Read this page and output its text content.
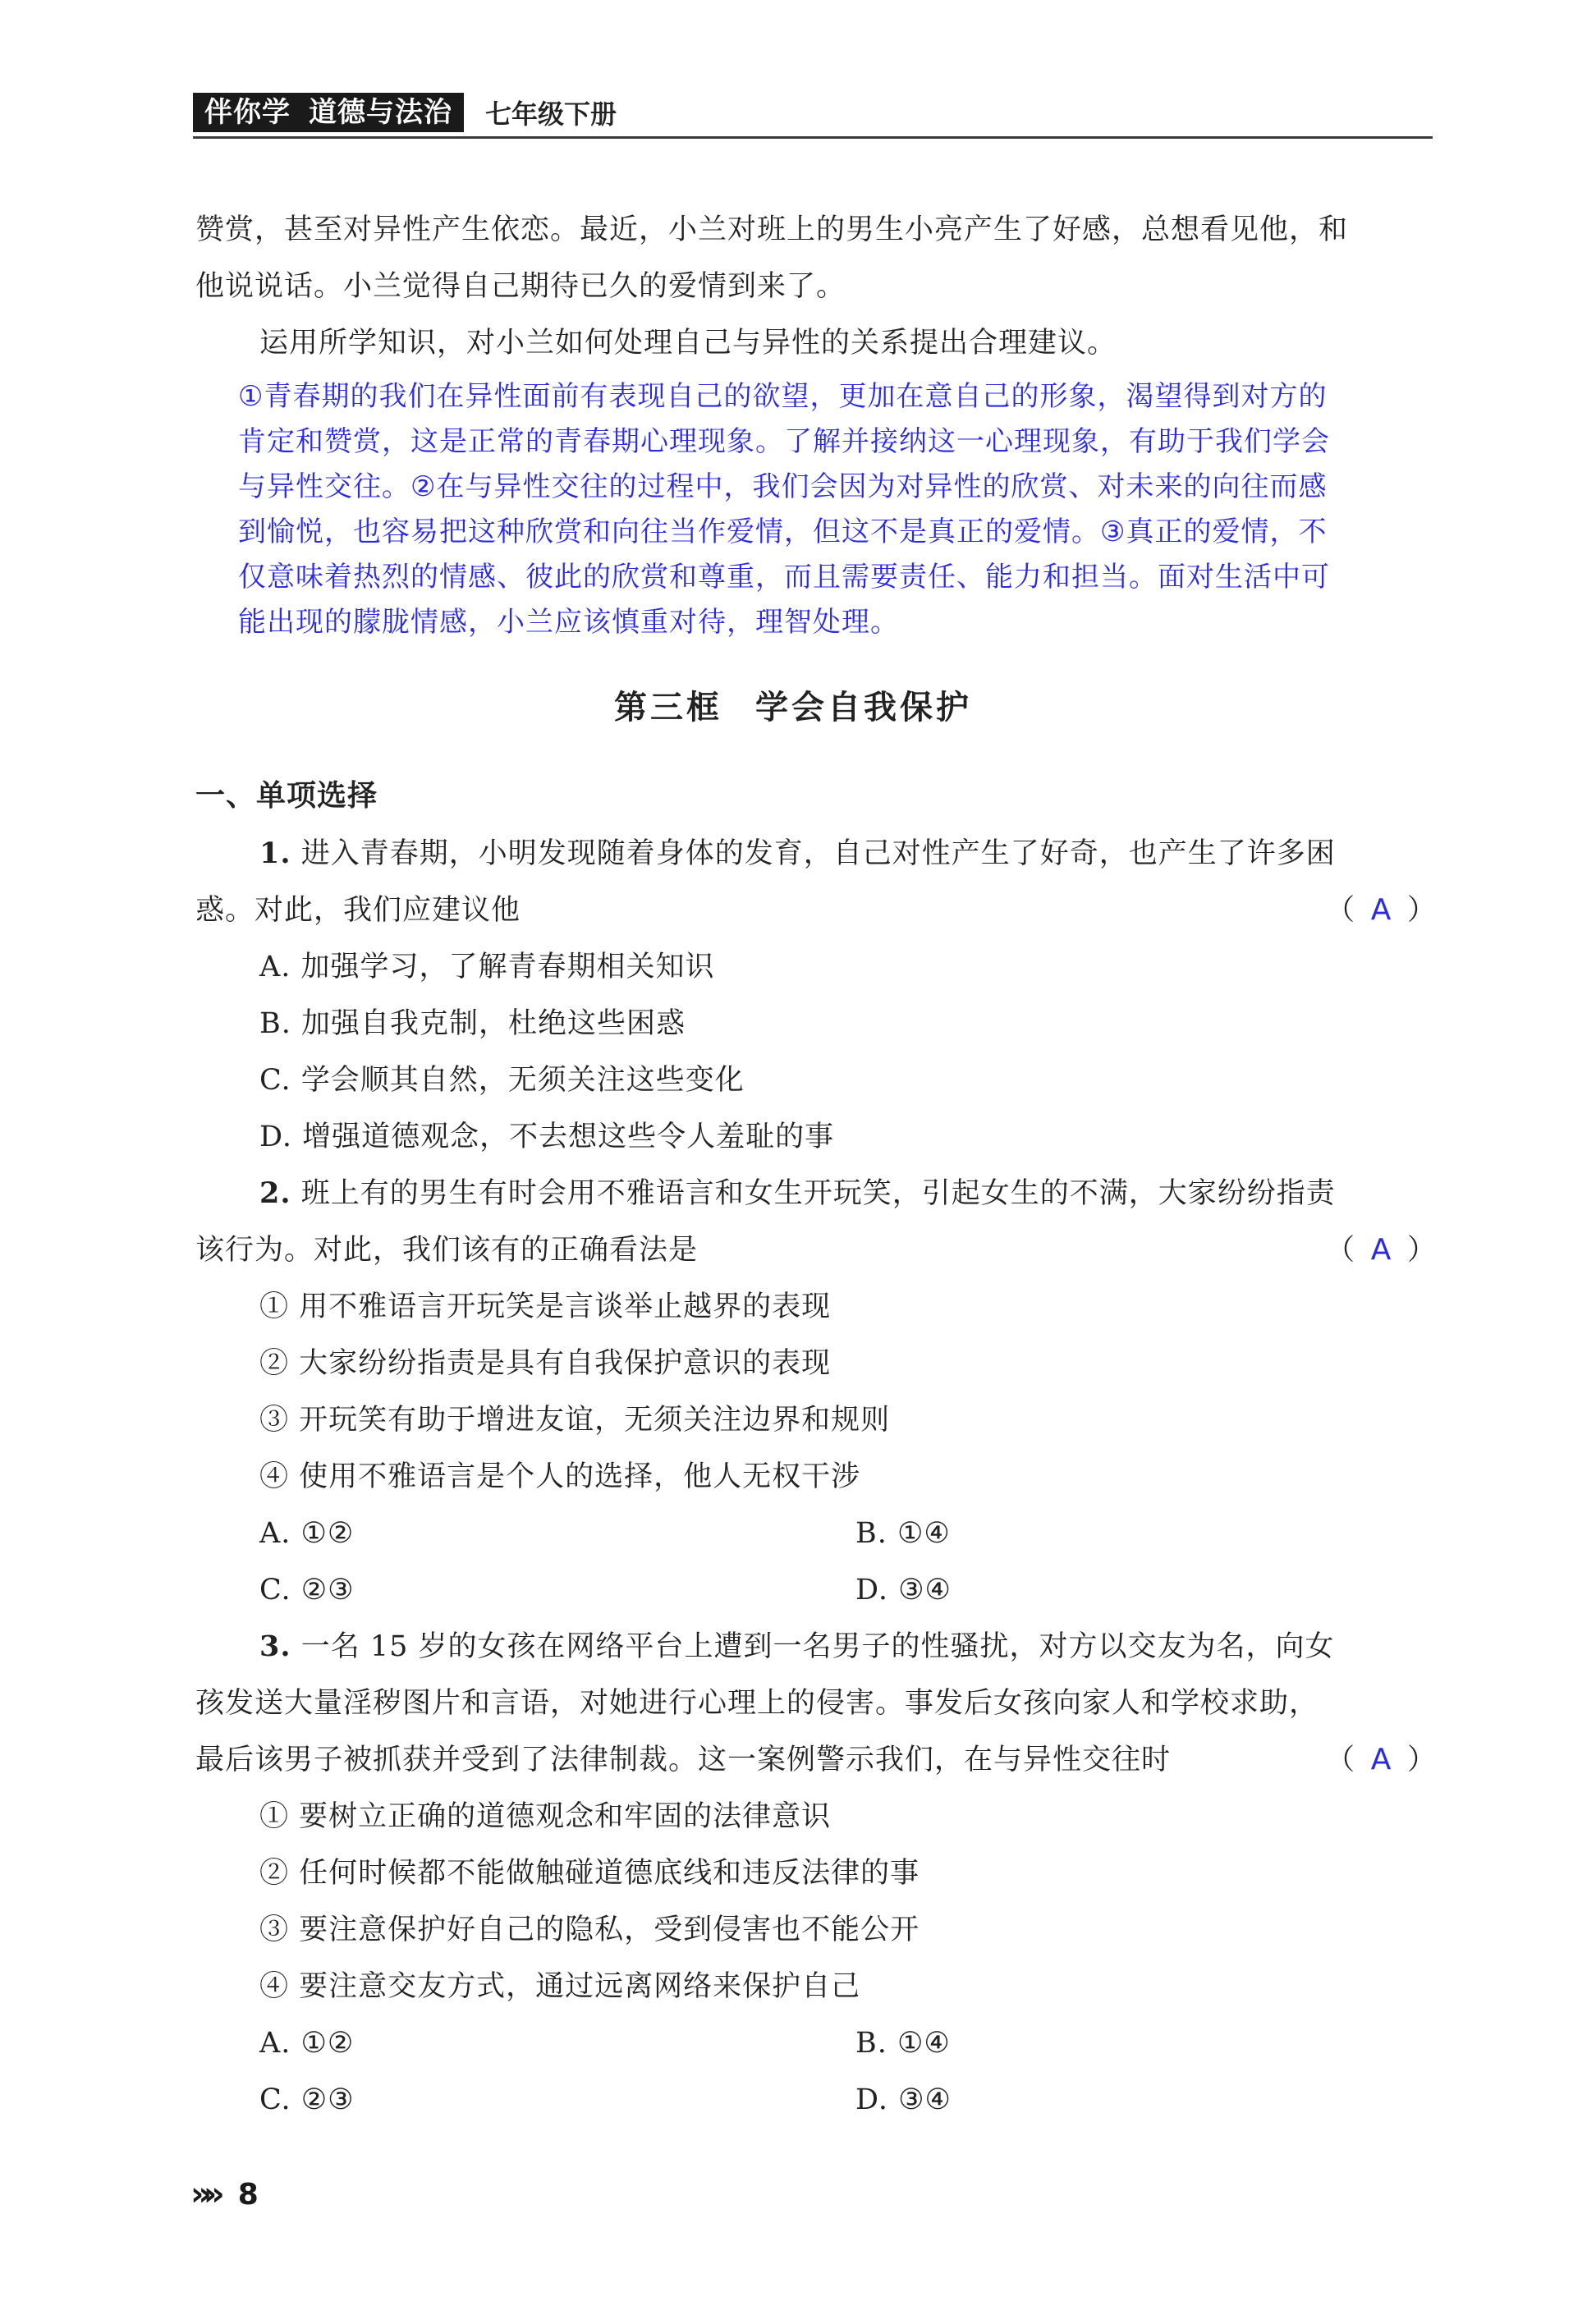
伴你学 道德与法治	七年级下册
赞赏，甚至对异性产生依恋。最近，小兰对班上的男生小亮产生了好感，总想看见他，和
他说说话。小兰觉得自己期待已久的爱情到来了。
运用所学知识，对小兰如何处理自己与异性的关系提出合理建议。
①青春期的我们在异性面前有表现自己的欲望，更加在意自己的形象，渴望得到对方的
肯定和赞赏，这是正常的青春期心理现象。了解并接纳这一心理现象，有助于我们学会
与异性交往。②在与异性交往的过程中，我们会因为对异性的欣赏、对未来的向往而感
到愉悦，也容易把这种欣赏和向往当作爱情，但这不是真正的爱情。③真正的爱情，不
仅意味着热烈的情感、彼此的欣赏和尊重，而且需要责任、能力和担当。面对生活中可
能出现的朦胧情感，小兰应该慎重对待，理智处理。
第三框 学会自我保护
一、单项选择
1. 进入青春期，小明发现随着身体的发育，自己对性产生了好奇，也产生了许多困
惑。对此，我们应建议他	（ A ）
A. 加强学习，了解青春期相关知识
B. 加强自我克制，杜绝这些困惑
C. 学会顺其自然，无须关注这些变化
D. 增强道德观念，不去想这些令人羞耻的事
2. 班上有的男生有时会用不雅语言和女生开玩笑，引起女生的不满，大家纷纷指责
该行为。对此，我们该有的正确看法是	（ A ）
① 用不雅语言开玩笑是言谈举止越界的表现
② 大家纷纷指责是具有自我保护意识的表现
③ 开玩笑有助于增进友谊，无须关注边界和规则
④ 使用不雅语言是个人的选择，他人无权干涉
A. ①②	B. ①④
C. ②③	D. ③④
3. 一名 15 岁的女孩在网络平台上遭到一名男子的性骚扰，对方以交友为名，向女
孩发送大量淫秽图片和言语，对她进行心理上的侵害。事发后女孩向家人和学校求助，
最后该男子被抓获并受到了法律制裁。这一案例警示我们，在与异性交往时	（ A ）
① 要树立正确的道德观念和牢固的法律意识
② 任何时候都不能做触碰道德底线和违反法律的事
③ 要注意保护好自己的隐私，受到侵害也不能公开
④ 要注意交友方式，通过远离网络来保护自己
A. ①②	B. ①④
C. ②③	D. ③④
»» 8
